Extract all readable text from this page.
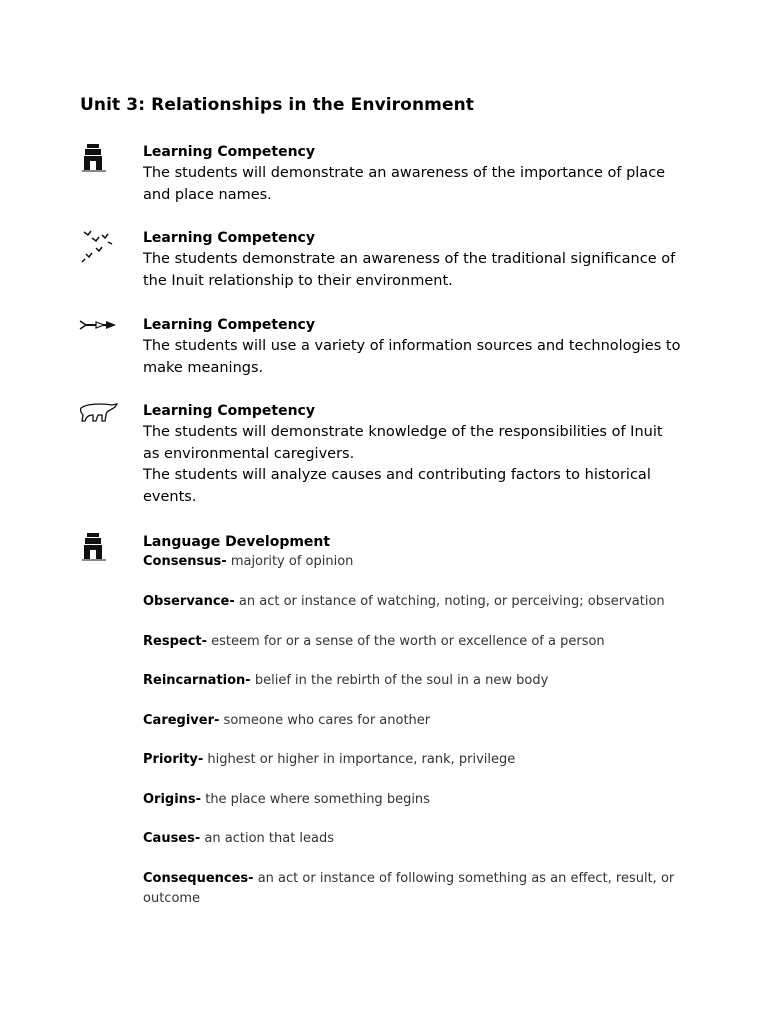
Unit 3: Relationships in the Environment

Learning Competency

The students will demonstrate an awareness of the importance of place and place names.

Learning Competency

The students demonstrate an awareness of the traditional significance of the Inuit relationship to their environment.

Learning Competency

The students will use a variety of information sources and technologies to make meanings.

Learning Competency

The students will demonstrate knowledge of the responsibilities of Inuit as environmental caregivers.

The students will analyze causes and contributing factors to historical events.

Language Development

Consensus- majority of opinion
Observance- an act or instance of watching, noting, or perceiving; observation
Respect- esteem for or a sense of the worth or excellence of a person
Reincarnation- belief in the rebirth of the soul in a new body
Caregiver- someone who cares for another
Priority- highest or higher in importance, rank, privilege
Origins- the place where something begins
Causes- an action that leads
Consequences- an act or instance of following something as an effect, result, or outcome
